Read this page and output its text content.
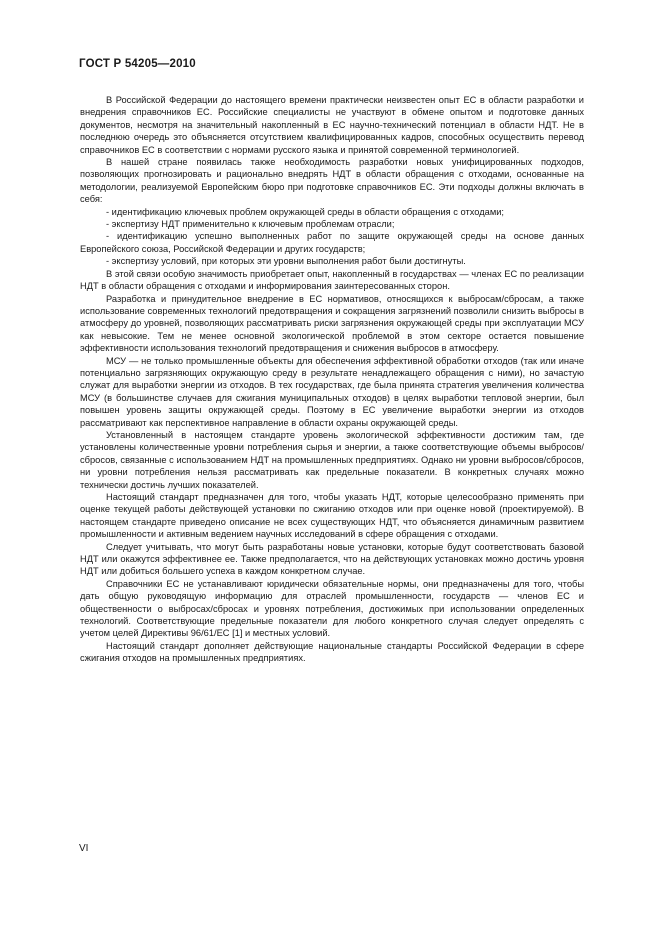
ГОСТ Р 54205—2010

В Российской Федерации до настоящего времени практически неизвестен опыт ЕС в области разработки и внедрения справочников ЕС. Российские специалисты не участвуют в обмене опытом и подготовке данных документов, несмотря на значительный накопленный в ЕС научно-технический потенциал в области НДТ. Не в последнюю очередь это объясняется отсутствием квалифицированных кадров, способных осуществить перевод справочников ЕС в соответствии с нормами русского языка и принятой современной терминологией.

В нашей стране появилась также необходимость разработки новых унифицированных подходов, позволяющих прогнозировать и рационально внедрять НДТ в области обращения с отходами, основанные на методологии, реализуемой Европейским бюро при подготовке справочников ЕС. Эти подходы должны включать в себя:

- идентификацию ключевых проблем окружающей среды в области обращения с отходами;

- экспертизу НДТ применительно к ключевым проблемам отрасли;

- идентификацию успешно выполненных работ по защите окружающей среды на основе данных Европейского союза, Российской Федерации и других государств;

- экспертизу условий, при которых эти уровни выполнения работ были достигнуты.

В этой связи особую значимость приобретает опыт, накопленный в государствах — членах ЕС по реализации НДТ в области обращения с отходами и информирования заинтересованных сторон.

Разработка и принудительное внедрение в ЕС нормативов, относящихся к выбросам/сбросам, а также использование современных технологий предотвращения и сокращения загрязнений позволили снизить выбросы в атмосферу до уровней, позволяющих рассматривать риски загрязнения окружающей среды при эксплуатации МСУ как невысокие. Тем не менее основной экологической проблемой в этом секторе остается повышение эффективности использования технологий предотвращения и снижения выбросов в атмосферу.

МСУ — не только промышленные объекты для обеспечения эффективной обработки отходов (так или иначе потенциально загрязняющих окружающую среду в результате ненадлежащего обращения с ними), но зачастую служат для выработки энергии из отходов. В тех государствах, где была принята стратегия увеличения количества МСУ (в большинстве случаев для сжигания муниципальных отходов) в целях выработки тепловой энергии, был повышен уровень защиты окружающей среды. Поэтому в ЕС увеличение выработки энергии из отходов рассматривают как перспективное направление в области охраны окружающей среды.

Установленный в настоящем стандарте уровень экологической эффективности достижим там, где установлены количественные уровни потребления сырья и энергии, а также соответствующие объемы выбросов/сбросов, связанные с использованием НДТ на промышленных предприятиях. Однако ни уровни выбросов/сбросов, ни уровни потребления нельзя рассматривать как предельные показатели. В конкретных случаях можно технически достичь лучших показателей.

Настоящий стандарт предназначен для того, чтобы указать НДТ, которые целесообразно применять при оценке текущей работы действующей установки по сжиганию отходов или при оценке новой (проектируемой). В настоящем стандарте приведено описание не всех существующих НДТ, что объясняется динамичным развитием промышленности и активным ведением научных исследований в сфере обращения с отходами.

Следует учитывать, что могут быть разработаны новые установки, которые будут соответствовать базовой НДТ или окажутся эффективнее ее. Также предполагается, что на действующих установках можно достичь уровня НДТ или добиться большего успеха в каждом конкретном случае.

Справочники ЕС не устанавливают юридически обязательные нормы, они предназначены для того, чтобы дать общую руководящую информацию для отраслей промышленности, государств — членов ЕС и общественности о выбросах/сбросах и уровнях потребления, достижимых при использовании определенных технологий. Соответствующие предельные показатели для любого конкретного случая следует определять с учетом целей Директивы 96/61/ЕС [1] и местных условий.

Настоящий стандарт дополняет действующие национальные стандарты Российской Федерации в сфере сжигания отходов на промышленных предприятиях.

VI
